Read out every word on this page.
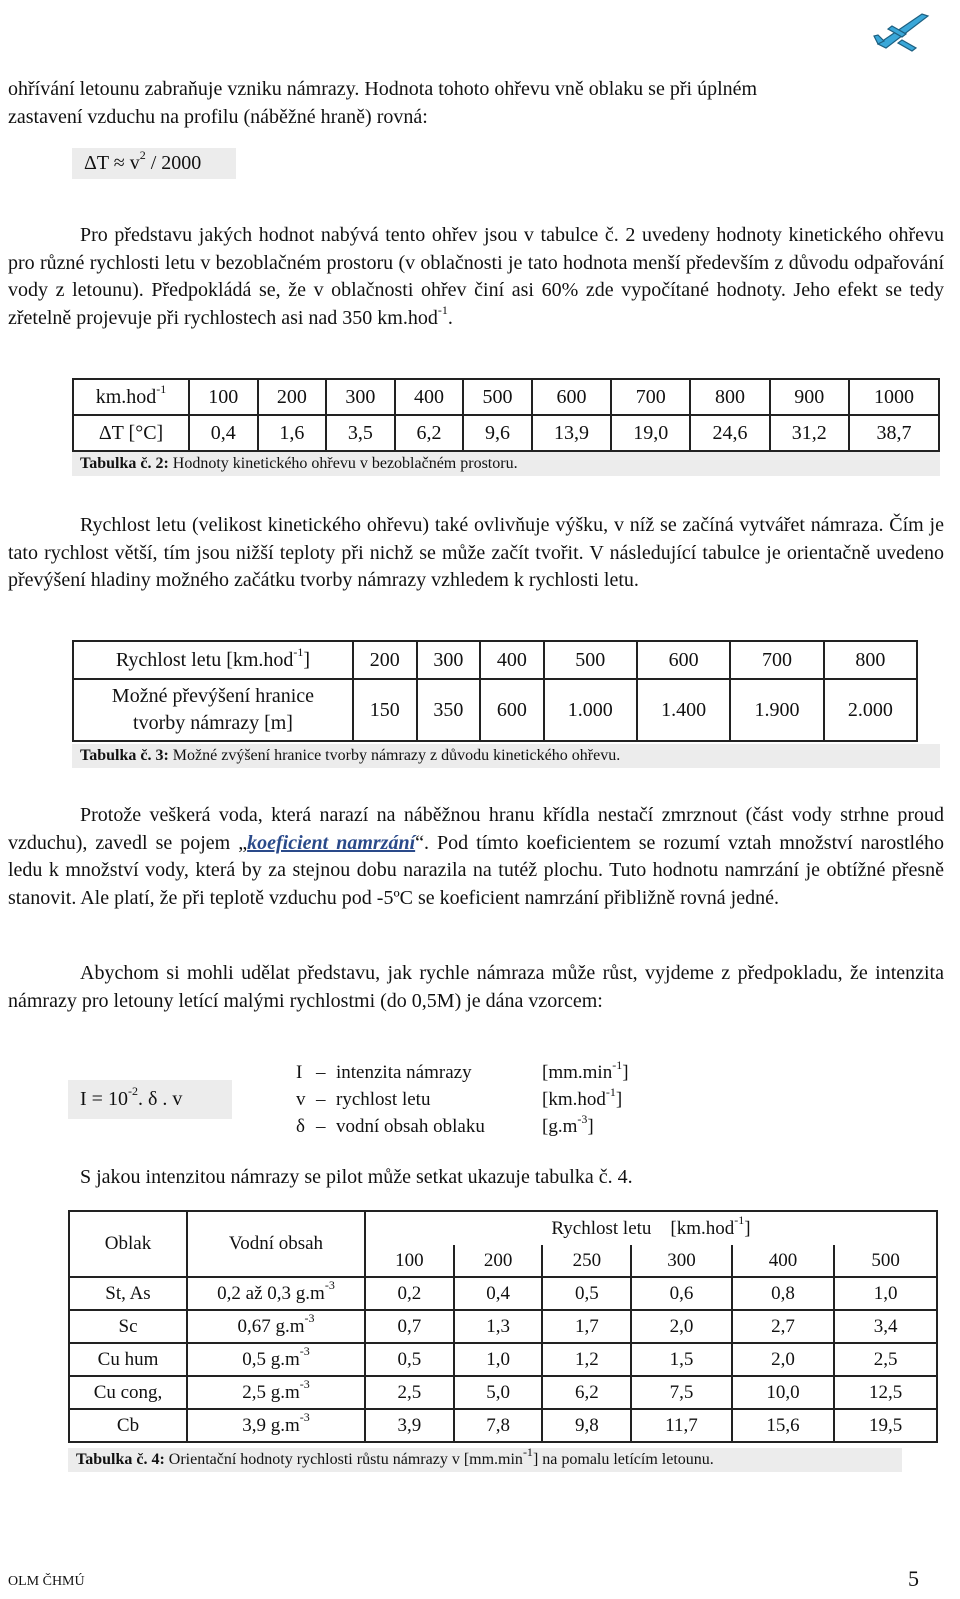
ohřívání letounu zabraňuje vzniku námrazy. Hodnota tohoto ohřevu vně oblaku se při úplném
zastavení vzduchu na profilu (náběžné hraně) rovná:

$\Delta T \approx v^2 / 2000$

Pro představu jakých hodnot nabývá tento ohřev jsou v tabulce č. 2 uvedeny hodnoty kinetického ohřevu pro různé rychlosti letu v bezoblačném prostoru (v oblačnosti je tato hodnota menší především z důvodu odpařování vody z letounu). Předpokládá se, že v oblačnosti ohřev činí asi 60% zde vypočítané hodnoty. Jeho efekt se tedy zřetelně projevuje při rychlostech asi nad 350 km.hod$^{-1}$.

km.hod$^{-1}$	100	200	300	400	500	600	700	800	900	1000
ΔT [°C]	0,4	1,6	3,5	6,2	9,6	13,9	19,0	24,6	31,2	38,7
Tabulka č. 2: Hodnoty kinetického ohřevu v bezoblačném prostoru.

Rychlost letu (velikost kinetického ohřevu) také ovlivňuje výšku, v níž se začíná vytvářet námraza. Čím je tato rychlost větší, tím jsou nižší teploty při nichž se může začít tvořit. V následující tabulce je orientačně uvedeno převýšení hladiny možného začátku tvorby námrazy vzhledem k rychlosti letu.

Rychlost letu [km.hod$^{-1}$]	200	300	400	500	600	700	800
Možné převýšení hranice
tvorby námrazy [m]	150	350	600	1.000	1.400	1.900	2.000
Tabulka č. 3: Možné zvýšení hranice tvorby námrazy z důvodu kinetického ohřevu.

Protože veškerá voda, která narazí na náběžnou hranu křídla nestačí zmrznout (část vody strhne proud vzduchu), zavedl se pojem „koeficient namrzání“. Pod tímto koeficientem se rozumí vztah množství narostlého ledu k množství vody, která by za stejnou dobu narazila na tutéž plochu. Tuto hodnotu namrzání je obtížné přesně stanovit. Ale platí, že při teplotě vzduchu pod -5ºC se koeficient namrzání přibližně rovná jedné.

Abychom si mohli udělat představu, jak rychle námraza může růst, vyjdeme z předpokladu, že intenzita námrazy pro letouny letící malými rychlostmi (do 0,5M) je dána vzorcem:

$I = 10^{-2}$. δ . v
I – intenzita námrazy	$[mm.\min^{-1}]$
v – rychlost letu	[km.hod$^{-1}$]
δ – vodní obsah oblaku	$[g.m^{-3}]$

S jakou intenzitou námrazy se pilot může setkat ukazuje tabulka č. 4.

Oblak	Vodní obsah	Rychlost letu    [km.hod$^{-1}$]					
		100	200	250	300	400	500
St, As	0,2 až 0,3 $g.m^{-3}$	0,2	0,4	0,5	0,6	0,8	1,0
Sc	0,67 $g.m^{-3}$	0,7	1,3	1,7	2,0	2,7	3,4
Cu hum	0,5 $g.m^{-3}$	0,5	1,0	1,2	1,5	2,0	2,5
Cu cong,	2,5 $g.m^{-3}$	2,5	5,0	6,2	7,5	10,0	12,5
Cb	3,9 $g.m^{-3}$	3,9	7,8	9,8	11,7	15,6	19,5
Tabulka č. 4: Orientační hodnoty rychlosti růstu námrazy v $[mm.\min^{-1}]$ na pomalu letícím letounu.
OLM ČHMÚ	5
